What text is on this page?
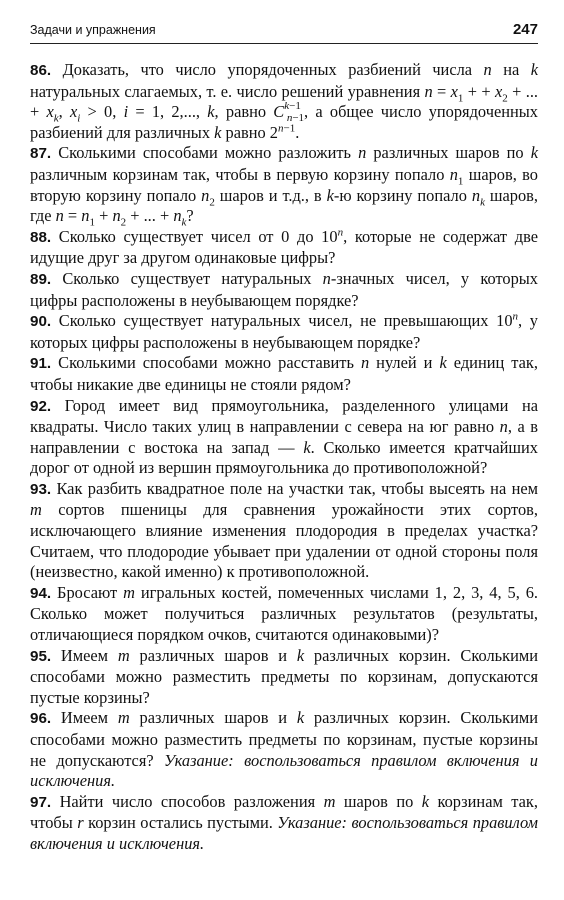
Задачи и упражнения	247

86. Доказать, что число упорядоченных разбиений числа n на k натуральных слагаемых, т. е. число решений уравнения $n = x_1$ + + $x_2$ + ... + $x_k$, $x_i > 0$, i = 1, 2,..., k, равно $C^{k-1}_{n-1}$, а общее число упорядоченных разбиений для различных k равно $2^{n-1}$.

87. Сколькими способами можно разложить n различных шаров по k различным корзинам так, чтобы в первую корзину попало $n_1$ шаров, во вторую корзину попало $n_2$ шаров и т.д., в k-ю корзину попало $n_k$ шаров, где $n = n_1 + n_2$ + ... + $n_k$?

88. Сколько существует чисел от 0 до 10$^n$, которые не содержат две идущие друг за другом одинаковые цифры?

89. Сколько существует натуральных n-значных чисел, у которых цифры расположены в неубывающем порядке?

90. Сколько существует натуральных чисел, не превышающих 10$^n$, у которых цифры расположены в неубывающем порядке?

91. Сколькими способами можно расставить n нулей и k единиц так, чтобы никакие две единицы не стояли рядом?

92. Город имеет вид прямоугольника, разделенного улицами на квадраты. Число таких улиц в направлении с севера на юг равно n, а в направлении с востока на запад — k. Сколько имеется кратчайших дорог от одной из вершин прямоугольника до противоположной?

93. Как разбить квадратное поле на участки так, чтобы высеять на нем m сортов пшеницы для сравнения урожайности этих сортов, исключающего влияние изменения плодородия в пределах участка? Считаем, что плодородие убывает при удалении от одной стороны поля (неизвестно, какой именно) к противоположной.

94. Бросают m игральных костей, помеченных числами 1, 2, 3, 4, 5, 6. Сколько может получиться различных результатов (результаты, отличающиеся порядком очков, считаются одинаковыми)?

95. Имеем m различных шаров и k различных корзин. Сколькими способами можно разместить предметы по корзинам, допускаются пустые корзины?

96. Имеем m различных шаров и k различных корзин. Сколькими способами можно разместить предметы по корзинам, пустые корзины не допускаются? Указание: воспользоваться правилом включения и исключения.

97. Найти число способов разложения m шаров по k корзинам так, чтобы r корзин остались пустыми. Указание: воспользоваться правилом включения и исключения.
